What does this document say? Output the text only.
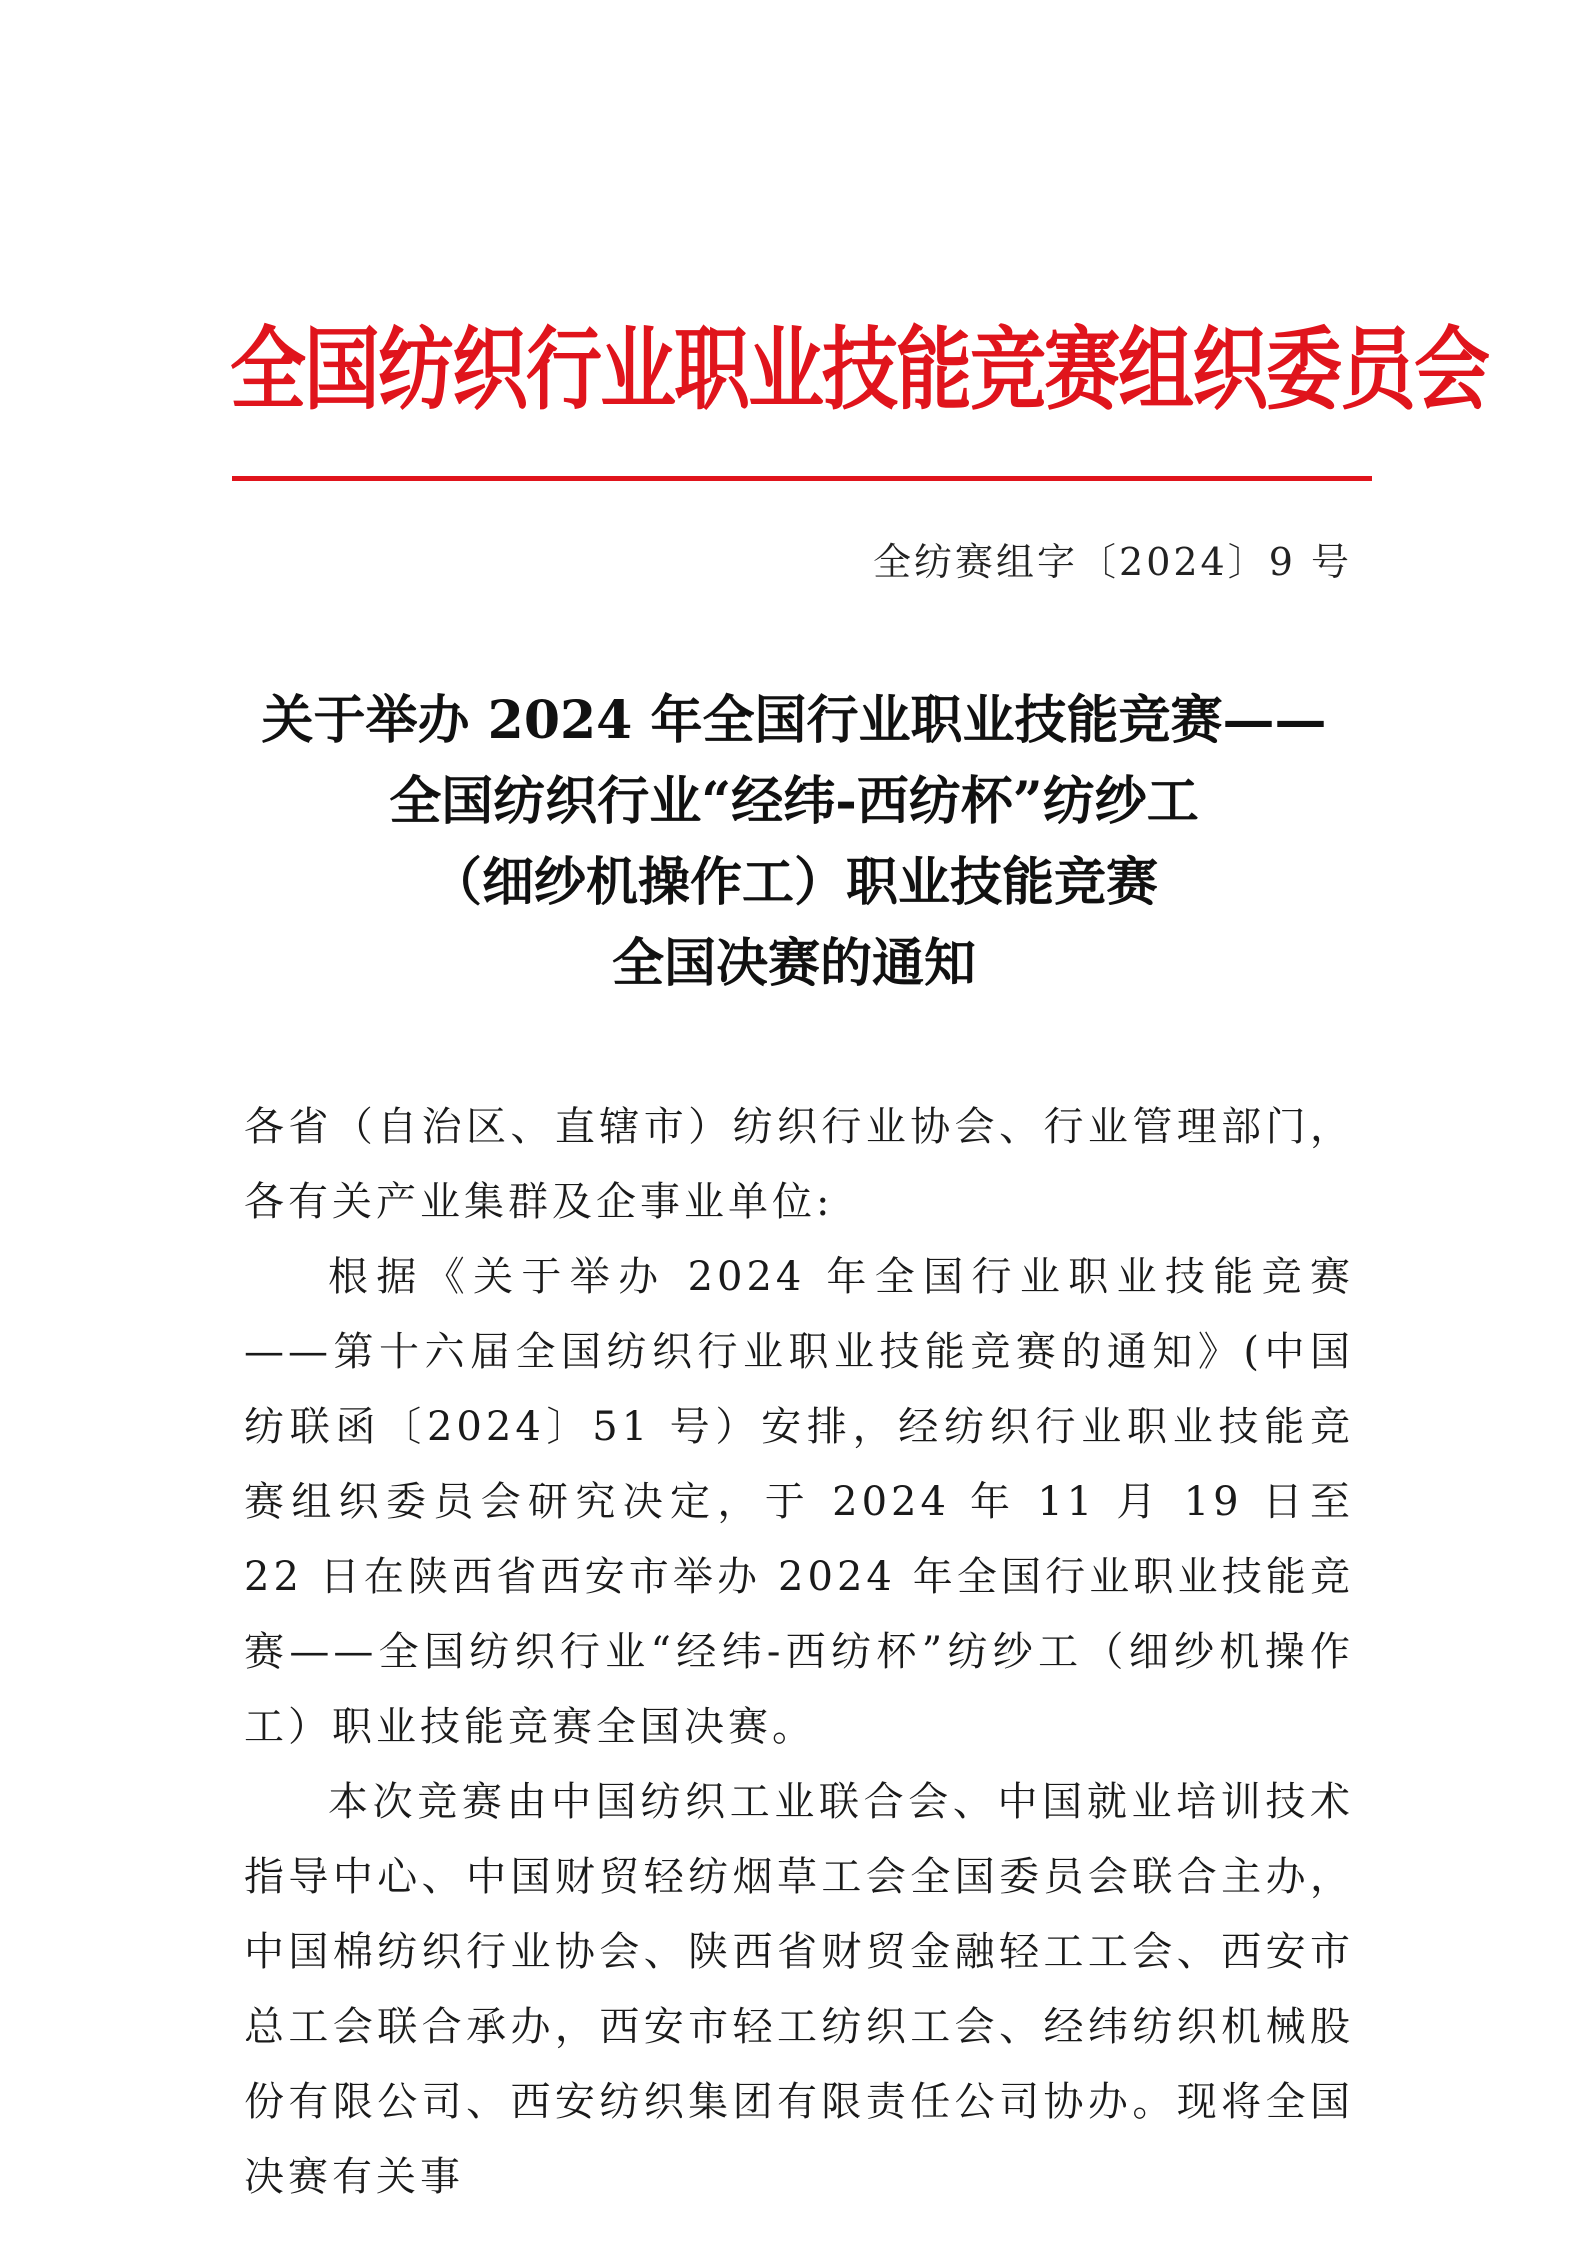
全国纺织行业职业技能竞赛组织委员会
全纺赛组字〔2024〕9 号
关于举办 2024 年全国行业职业技能竞赛——
全国纺织行业“经纬-西纺杯”纺纱工
（细纱机操作工）职业技能竞赛
全国决赛的通知

各省（自治区、直辖市）纺织行业协会、行业管理部门，各有关产业集群及企事业单位:

根据《关于举办 2024 年全国行业职业技能竞赛——第十六届全国纺织行业职业技能竞赛的通知》(中国纺联函〔2024〕51 号）安排，经纺织行业职业技能竞赛组织委员会研究决定，于 2024 年 11 月 19 日至 22 日在陕西省西安市举办 2024 年全国行业职业技能竞赛——全国纺织行业“经纬-西纺杯”纺纱工（细纱机操作工）职业技能竞赛全国决赛。

本次竞赛由中国纺织工业联合会、中国就业培训技术指导中心、中国财贸轻纺烟草工会全国委员会联合主办，中国棉纺织行业协会、陕西省财贸金融轻工工会、西安市总工会联合承办，西安市轻工纺织工会、经纬纺织机械股份有限公司、西安纺织集团有限责任公司协办。现将全国决赛有关事
